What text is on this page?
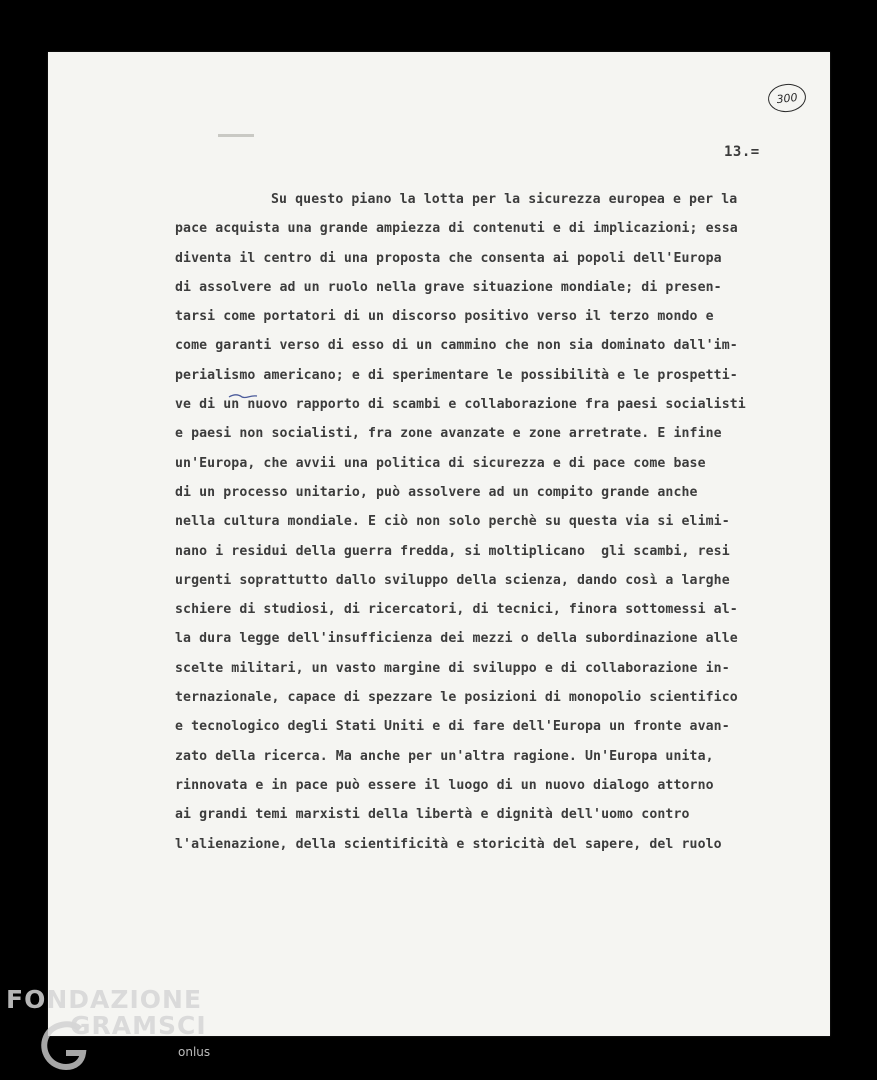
300
13.=
Su questo piano la lotta per la sicurezza europea e per la
pace acquista una grande ampiezza di contenuti e di implicazioni; essa
diventa il centro di una proposta che consenta ai popoli dell'Europa
di assolvere ad un ruolo nella grave situazione mondiale; di presen-
tarsi come portatori di un discorso positivo verso il terzo mondo e
come garanti verso di esso di un cammino che non sia dominato dall'im-
perialismo americano; e di sperimentare le possibilità e le prospetti-
ve di un nuovo rapporto di scambi e collaborazione fra paesi socialisti
e paesi non socialisti, fra zone avanzate e zone arretrate. E infine
un'Europa, che avvii una politica di sicurezza e di pace come base
di un processo unitario, può assolvere ad un compito grande anche
nella cultura mondiale. E ciò non solo perchè su questa via si elimi-
nano i residui della guerra fredda, si moltiplicano  gli scambi, resi
urgenti soprattutto dallo sviluppo della scienza, dando così a larghe
schiere di studiosi, di ricercatori, di tecnici, finora sottomessi al-
la dura legge dell'insufficienza dei mezzi o della subordinazione alle
scelte militari, un vasto margine di sviluppo e di collaborazione in-
ternazionale, capace di spezzare le posizioni di monopolio scientifico
e tecnologico degli Stati Uniti e di fare dell'Europa un fronte avan-
zato della ricerca. Ma anche per un'altra ragione. Un'Europa unita,
rinnovata e in pace può essere il luogo di un nuovo dialogo attorno
ai grandi temi marxisti della libertà e dignità dell'uomo contro
l'alienazione, della scientificità e storicità del sapere, del ruolo
FONDAZIONE
GRAMSCI
onlus
